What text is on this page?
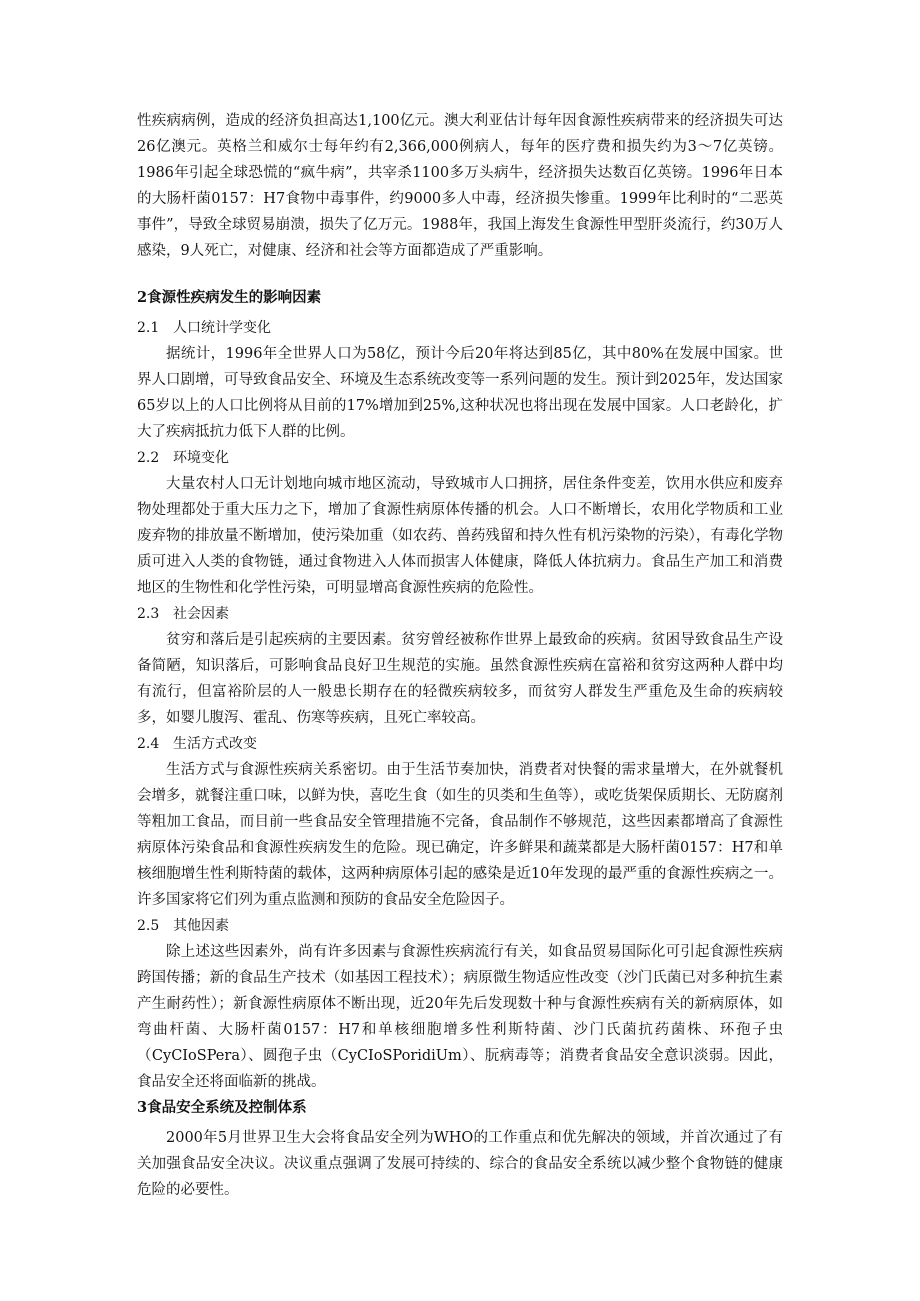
性疾病病例，造成的经济负担高达1,100亿元。澳大利亚估计每年因食源性疾病带来的经济损失可达26亿澳元。英格兰和威尔士每年约有2,366,000例病人，每年的医疗费和损失约为3～7亿英镑。1986年引起全球恐慌的“疯牛病”，共宰杀1100多万头病牛，经济损失达数百亿英镑。1996年日本的大肠杆菌0157：H7食物中毒事件，约9000多人中毒，经济损失惨重。1999年比利时的“二恶英事件”，导致全球贸易崩溃，损失了亿万元。1988年，我国上海发生食源性甲型肝炎流行，约30万人感染，9人死亡，对健康、经济和社会等方面都造成了严重影响。

2食源性疾病发生的影响因素
2.1 人口统计学变化

据统计，1996年全世界人口为58亿，预计今后20年将达到85亿，其中80%在发展中国家。世界人口剧增，可导致食品安全、环境及生态系统改变等一系列问题的发生。预计到2025年，发达国家65岁以上的人口比例将从目前的17%增加到25%,这种状况也将出现在发展中国家。人口老龄化，扩大了疾病抵抗力低下人群的比例。

2.2 环境变化

大量农村人口无计划地向城市地区流动，导致城市人口拥挤，居住条件变差，饮用水供应和废弃物处理都处于重大压力之下，增加了食源性病原体传播的机会。人口不断增长，农用化学物质和工业废弃物的排放量不断增加，使污染加重（如农药、兽药残留和持久性有机污染物的污染），有毒化学物质可进入人类的食物链，通过食物进入人体而损害人体健康，降低人体抗病力。食品生产加工和消费地区的生物性和化学性污染，可明显增高食源性疾病的危险性。

2.3 社会因素

贫穷和落后是引起疾病的主要因素。贫穷曾经被称作世界上最致命的疾病。贫困导致食品生产设备简陋，知识落后，可影响食品良好卫生规范的实施。虽然食源性疾病在富裕和贫穷这两种人群中均有流行，但富裕阶层的人一般患长期存在的轻微疾病较多，而贫穷人群发生严重危及生命的疾病较多，如婴儿腹泻、霍乱、伤寒等疾病，且死亡率较高。

2.4 生活方式改变

生活方式与食源性疾病关系密切。由于生活节奏加快，消费者对快餐的需求量增大，在外就餐机会增多，就餐注重口味，以鲜为快，喜吃生食（如生的贝类和生鱼等），或吃货架保质期长、无防腐剂等粗加工食品，而目前一些食品安全管理措施不完备，食品制作不够规范，这些因素都增高了食源性病原体污染食品和食源性疾病发生的危险。现已确定，许多鲜果和蔬菜都是大肠杆菌0157：H7和单核细胞增生性利斯特菌的载体，这两种病原体引起的感染是近10年发现的最严重的食源性疾病之一。许多国家将它们列为重点监测和预防的食品安全危险因子。

2.5 其他因素

除上述这些因素外，尚有许多因素与食源性疾病流行有关，如食品贸易国际化可引起食源性疾病跨国传播；新的食品生产技术（如基因工程技术）；病原微生物适应性改变（沙门氏菌已对多种抗生素产生耐药性）；新食源性病原体不断出现，近20年先后发现数十种与食源性疾病有关的新病原体，如弯曲杆菌、大肠杆菌0157：H7和单核细胞增多性利斯特菌、沙门氏菌抗药菌株、环孢子虫（CyCIoSPera）、圆孢子虫（CyCIoSPoridiUm）、朊病毒等；消费者食品安全意识淡弱。因此，食品安全还将面临新的挑战。

3食品安全系统及控制体系

2000年5月世界卫生大会将食品安全列为WHO的工作重点和优先解决的领域，并首次通过了有关加强食品安全决议。决议重点强调了发展可持续的、综合的食品安全系统以减少整个食物链的健康危险的必要性。
